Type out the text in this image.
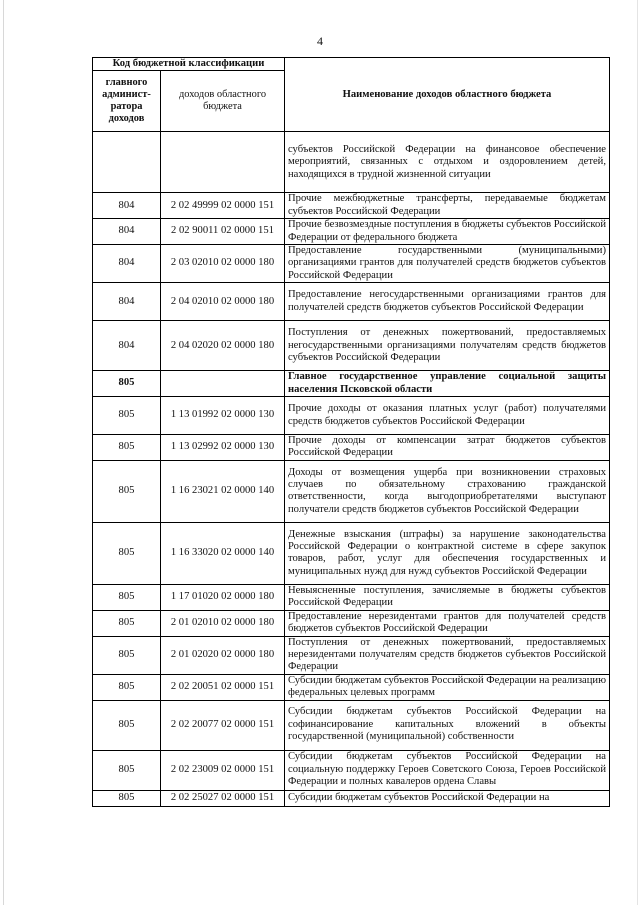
4
Код бюджетной классификации		Наименование доходов областного бюджета
главного админист-ратора доходов	доходов областного бюджета	
		субъектов Российской Федерации на финансовое обеспечение мероприятий, связанных с отдыхом и оздоровлением детей, находящихся в трудной жизненной ситуации
804	2 02 49999 02 0000 151	Прочие межбюджетные трансферты, передаваемые бюджетам субъектов Российской Федерации
804	2 02 90011 02 0000 151	Прочие безвозмездные поступления в бюджеты субъектов Российской Федерации от федерального бюджета
804	2 03 02010 02 0000 180	Предоставление государственными (муниципальными) организациями грантов для получателей средств бюджетов субъектов Российской Федерации
804	2 04 02010 02 0000 180	Предоставление негосударственными организациями грантов для получателей средств бюджетов субъектов Российской Федерации
804	2 04 02020 02 0000 180	Поступления от денежных пожертвований, предоставляемых негосударственными организациями получателям средств бюджетов субъектов Российской Федерации
805		Главное государственное управление социальной защиты населения Псковской области
805	1 13 01992 02 0000 130	Прочие доходы от оказания платных услуг (работ) получателями средств бюджетов субъектов Российской Федерации
805	1 13 02992 02 0000 130	Прочие доходы от компенсации затрат бюджетов субъектов Российской Федерации
805	1 16 23021 02 0000 140	Доходы от возмещения ущерба при возникновении страховых случаев по обязательному страхованию гражданской ответственности, когда выгодоприобретателями выступают получатели средств бюджетов субъектов Российской Федерации
805	1 16 33020 02 0000 140	Денежные взыскания (штрафы) за нарушение законодательства Российской Федерации о контрактной системе в сфере закупок товаров, работ, услуг для обеспечения государственных и муниципальных нужд для нужд субъектов Российской Федерации
805	1 17 01020 02 0000 180	Невыясненные поступления, зачисляемые в бюджеты субъектов Российской Федерации
805	2 01 02010 02 0000 180	Предоставление нерезидентами грантов для получателей средств бюджетов субъектов Российской Федерации
805	2 01 02020 02 0000 180	Поступления от денежных пожертвований, предоставляемых нерезидентами получателям средств бюджетов субъектов Российской Федерации
805	2 02 20051 02 0000 151	Субсидии бюджетам субъектов Российской Федерации на реализацию федеральных целевых программ
805	2 02 20077 02 0000 151	Субсидии бюджетам субъектов Российской Федерации на софинансирование капитальных вложений в объекты государственной (муниципальной) собственности
805	2 02 23009 02 0000 151	Субсидии бюджетам субъектов Российской Федерации на социальную поддержку Героев Советского Союза, Героев Российской Федерации и полных кавалеров ордена Славы
805	2 02 25027 02 0000 151	Субсидии бюджетам субъектов Российской Федерации на
